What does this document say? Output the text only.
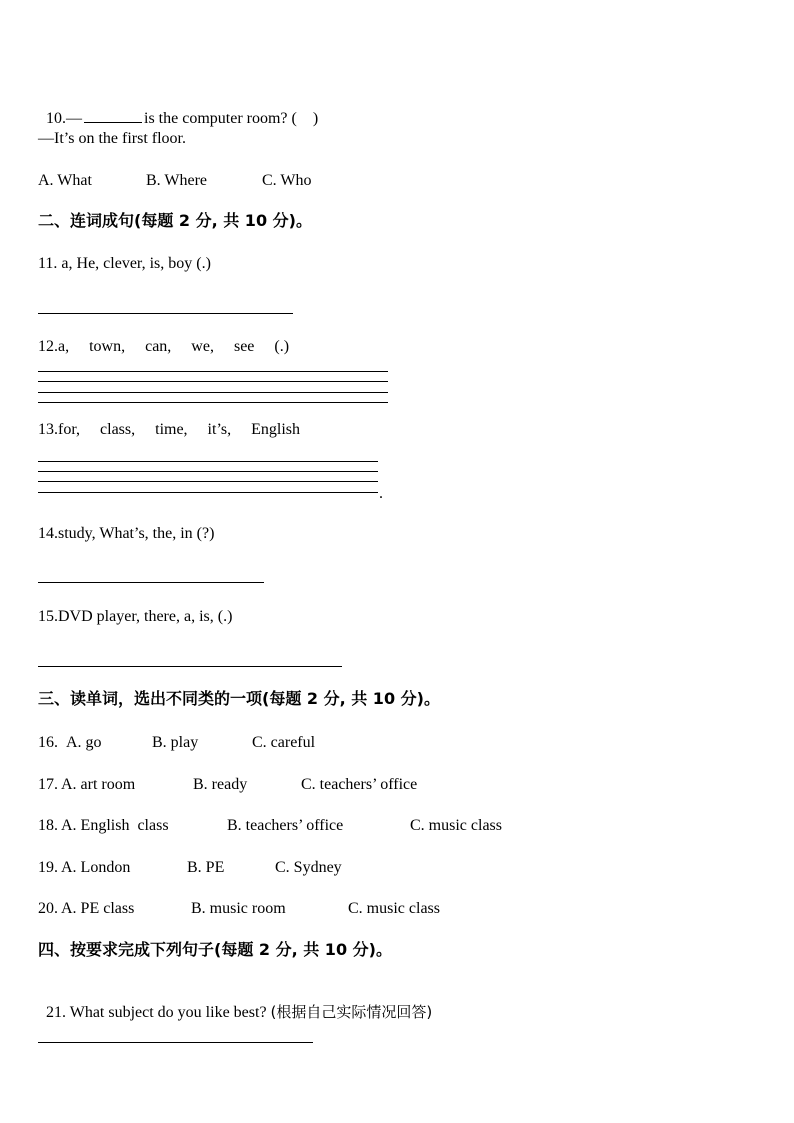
10.—	is the computer room? (    )

—It’s on the first floor.
A. What	B. Where	C. Who
二、连词成句(每题 2 分, 共 10 分)。
11. a, He, clever, is, boy (.)
12.a,     town,     can,     we,     see     (.)
13.for,     class,     time,     it’s,     English
.
14.study, What’s, the, in (?)
15.DVD player, there, a, is, (.)
三、读单词，选出不同类的一项(每题 2 分, 共 10 分)。
16. A. go	B. play	C. careful
17. A. art room	B. ready	C. teachers’ office
18. A. English  class	B. teachers’ office	C. music class
19. A. London	B. PE	C. Sydney
20. A. PE class	B. music room	C. music class
四、按要求完成下列句子(每题 2 分, 共 10 分)。

21. What subject do you like best? (根据自己实际情况回答)
